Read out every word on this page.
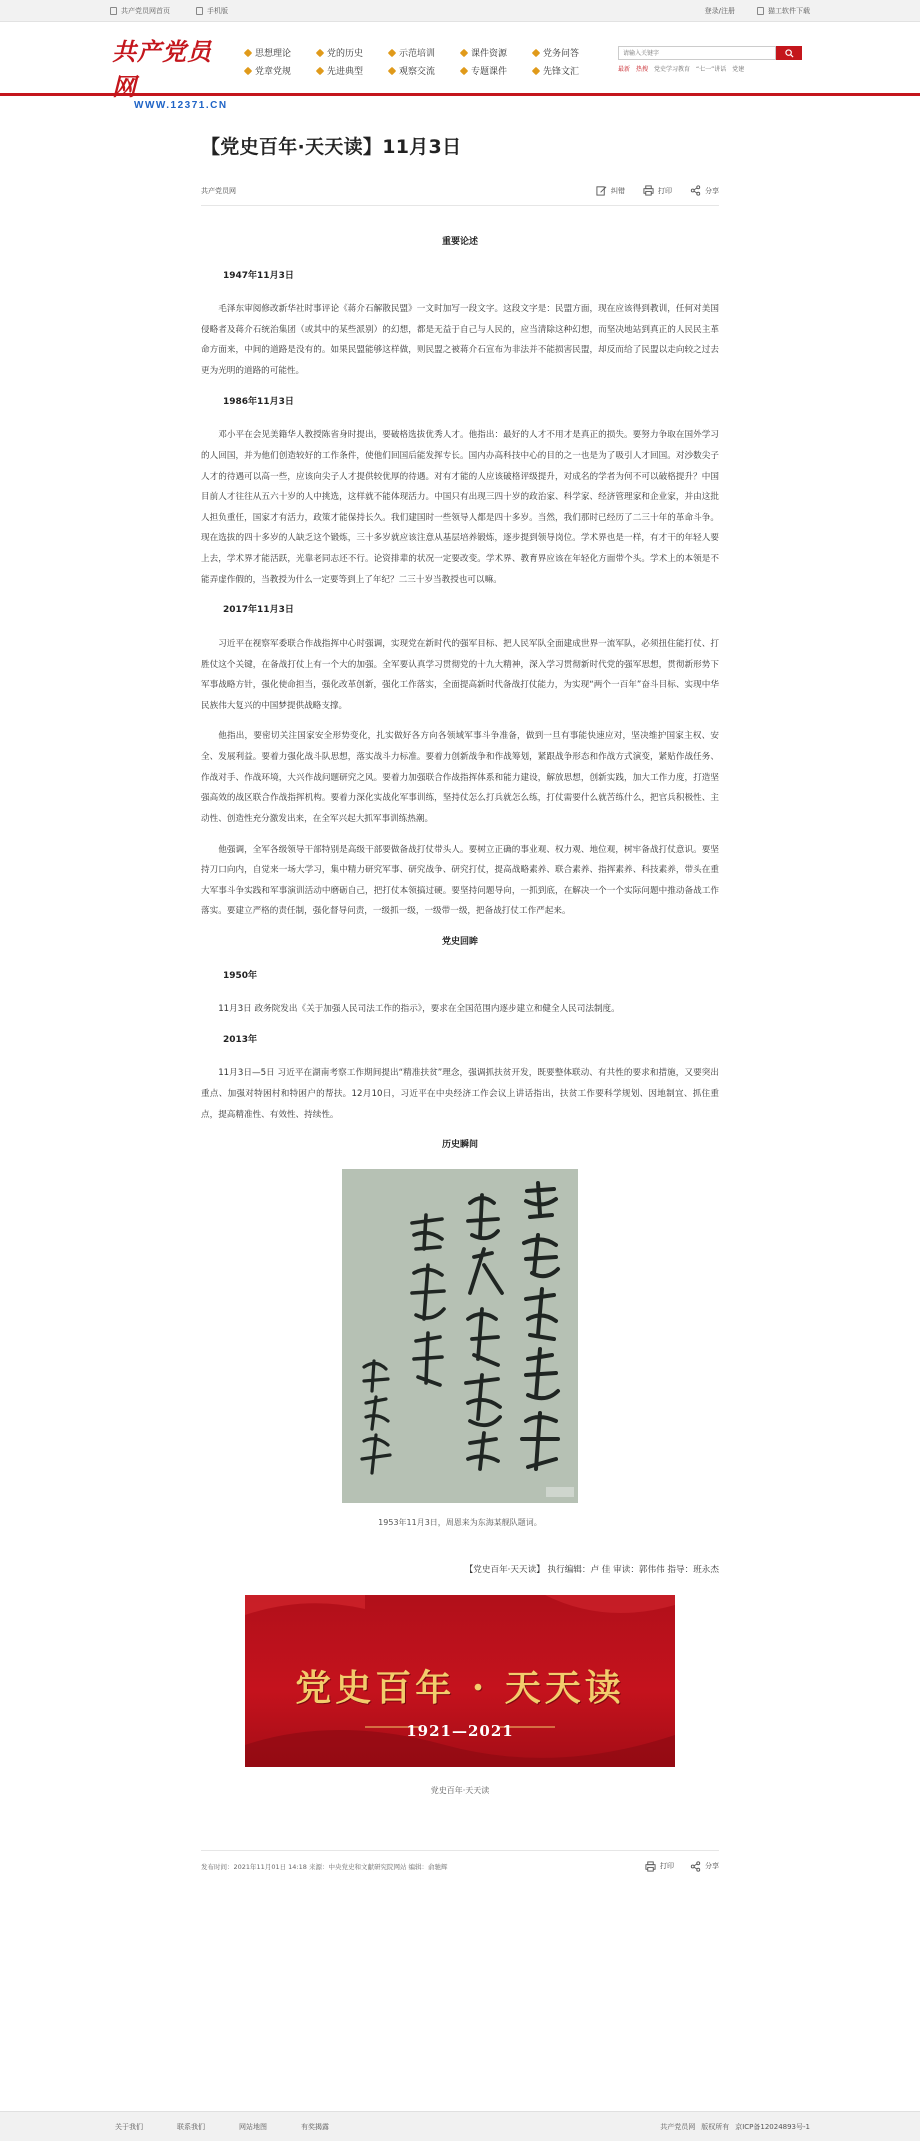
共产党员网首页	手机版	登录/注册	猫工软件下载
共产党员网
WWW.12371.CN
思想理论	党的历史	示范培训	课件资源	党务问答
党章党规	先进典型	观察交流	专题课件	先锋文汇
请输入关键字	最新 热搜 党史学习教育 “七一”讲话 党建
【党史百年·天天读】11月3日
共产党员网	纠错	打印	分享

重要论述

1947年11月3日

毛泽东审阅修改新华社时事评论《蒋介石解散民盟》一文时加写一段文字。这段文字是：民盟方面，现在应该得到教训，任何对美国侵略者及蒋介石统治集团（或其中的某些派别）的幻想，都是无益于自己与人民的，应当清除这种幻想，而坚决地站到真正的人民民主革命方面来，中间的道路是没有的。如果民盟能够这样做，则民盟之被蒋介石宣布为非法并不能损害民盟，却反而给了民盟以走向较之过去更为光明的道路的可能性。

1986年11月3日

邓小平在会见美籍华人教授陈省身时提出，要破格选拔优秀人才。他指出：最好的人才不用才是真正的损失。要努力争取在国外学习的人回国，并为他们创造较好的工作条件，使他们回国后能发挥专长。国内办高科技中心的目的之一也是为了吸引人才回国。对沙数尖子人才的待遇可以高一些，应该向尖子人才提供较优厚的待遇。对有才能的人应该破格评级提升，对成名的学者为何不可以破格提升？中国目前人才往往从五六十岁的人中挑选，这样就不能体现活力。中国只有出现三四十岁的政治家、科学家、经济管理家和企业家，并由这批人担负重任，国家才有活力，政策才能保持长久。我们建国时一些领导人都是四十多岁。当然，我们那时已经历了二三十年的革命斗争。现在选拔的四十多岁的人缺乏这个锻炼，三十多岁就应该注意从基层培养锻炼，逐步提到领导岗位。学术界也是一样，有才干的年轻人要上去，学术界才能活跃，光靠老同志还不行。论资排辈的状况一定要改变。学术界、教育界应该在年轻化方面带个头。学术上的本领是不能弄虚作假的，当教授为什么一定要等到上了年纪？二三十岁当教授也可以嘛。

2017年11月3日

习近平在视察军委联合作战指挥中心时强调，实现党在新时代的强军目标、把人民军队全面建成世界一流军队，必须扭住能打仗、打胜仗这个关键，在备战打仗上有一个大的加强。全军要认真学习贯彻党的十九大精神，深入学习贯彻新时代党的强军思想，贯彻新形势下军事战略方针，强化使命担当，强化改革创新，强化工作落实，全面提高新时代备战打仗能力，为实现“两个一百年”奋斗目标、实现中华民族伟大复兴的中国梦提供战略支撑。

他指出，要密切关注国家安全形势变化，扎实做好各方向各领域军事斗争准备，做到一旦有事能快速应对，坚决维护国家主权、安全、发展利益。要着力强化战斗队思想，落实战斗力标准。要着力创新战争和作战筹划，紧跟战争形态和作战方式演变，紧贴作战任务、作战对手、作战环境，大兴作战问题研究之风。要着力加强联合作战指挥体系和能力建设，解放思想，创新实践，加大工作力度，打造坚强高效的战区联合作战指挥机构。要着力深化实战化军事训练，坚持仗怎么打兵就怎么练，打仗需要什么就苦练什么，把官兵积极性、主动性、创造性充分激发出来，在全军兴起大抓军事训练热潮。

他强调，全军各级领导干部特别是高级干部要做备战打仗带头人。要树立正确的事业观、权力观、地位观，树牢备战打仗意识。要坚持刀口向内，自觉来一场大学习，集中精力研究军事、研究战争、研究打仗，提高战略素养、联合素养、指挥素养、科技素养，带头在重大军事斗争实践和军事演训活动中磨砺自己，把打仗本领搞过硬。要坚持问题导向，一抓到底，在解决一个一个实际问题中推动备战工作落实。要建立严格的责任制，强化督导问责，一级抓一级，一级带一级，把备战打仗工作严起来。

党史回眸

1950年

11月3日 政务院发出《关于加强人民司法工作的指示》，要求在全国范围内逐步建立和健全人民司法制度。

2013年

11月3日—5日 习近平在湖南考察工作期间提出“精准扶贫”理念，强调抓扶贫开发，既要整体联动、有共性的要求和措施，又要突出重点、加强对特困村和特困户的帮扶。12月10日，习近平在中央经济工作会议上讲话指出，扶贫工作要科学规划、因地制宜、抓住重点，提高精准性、有效性、持续性。

历史瞬间

1953年11月3日，周恩来为东海某舰队题词。

【党史百年·天天读】 执行编辑：卢 佳 审读：郭伟伟 指导：班永杰

党史百年 · 天天读
1921—2021

党史百年·天天读

发布时间：2021年11月01日 14:18 来源：中央党史和文献研究院网站 编辑：俞驰辉	打印	分享
关于我们	联系我们	网站地图	有奖揭露	共产党员网 版权所有 京ICP备12024893号-1
